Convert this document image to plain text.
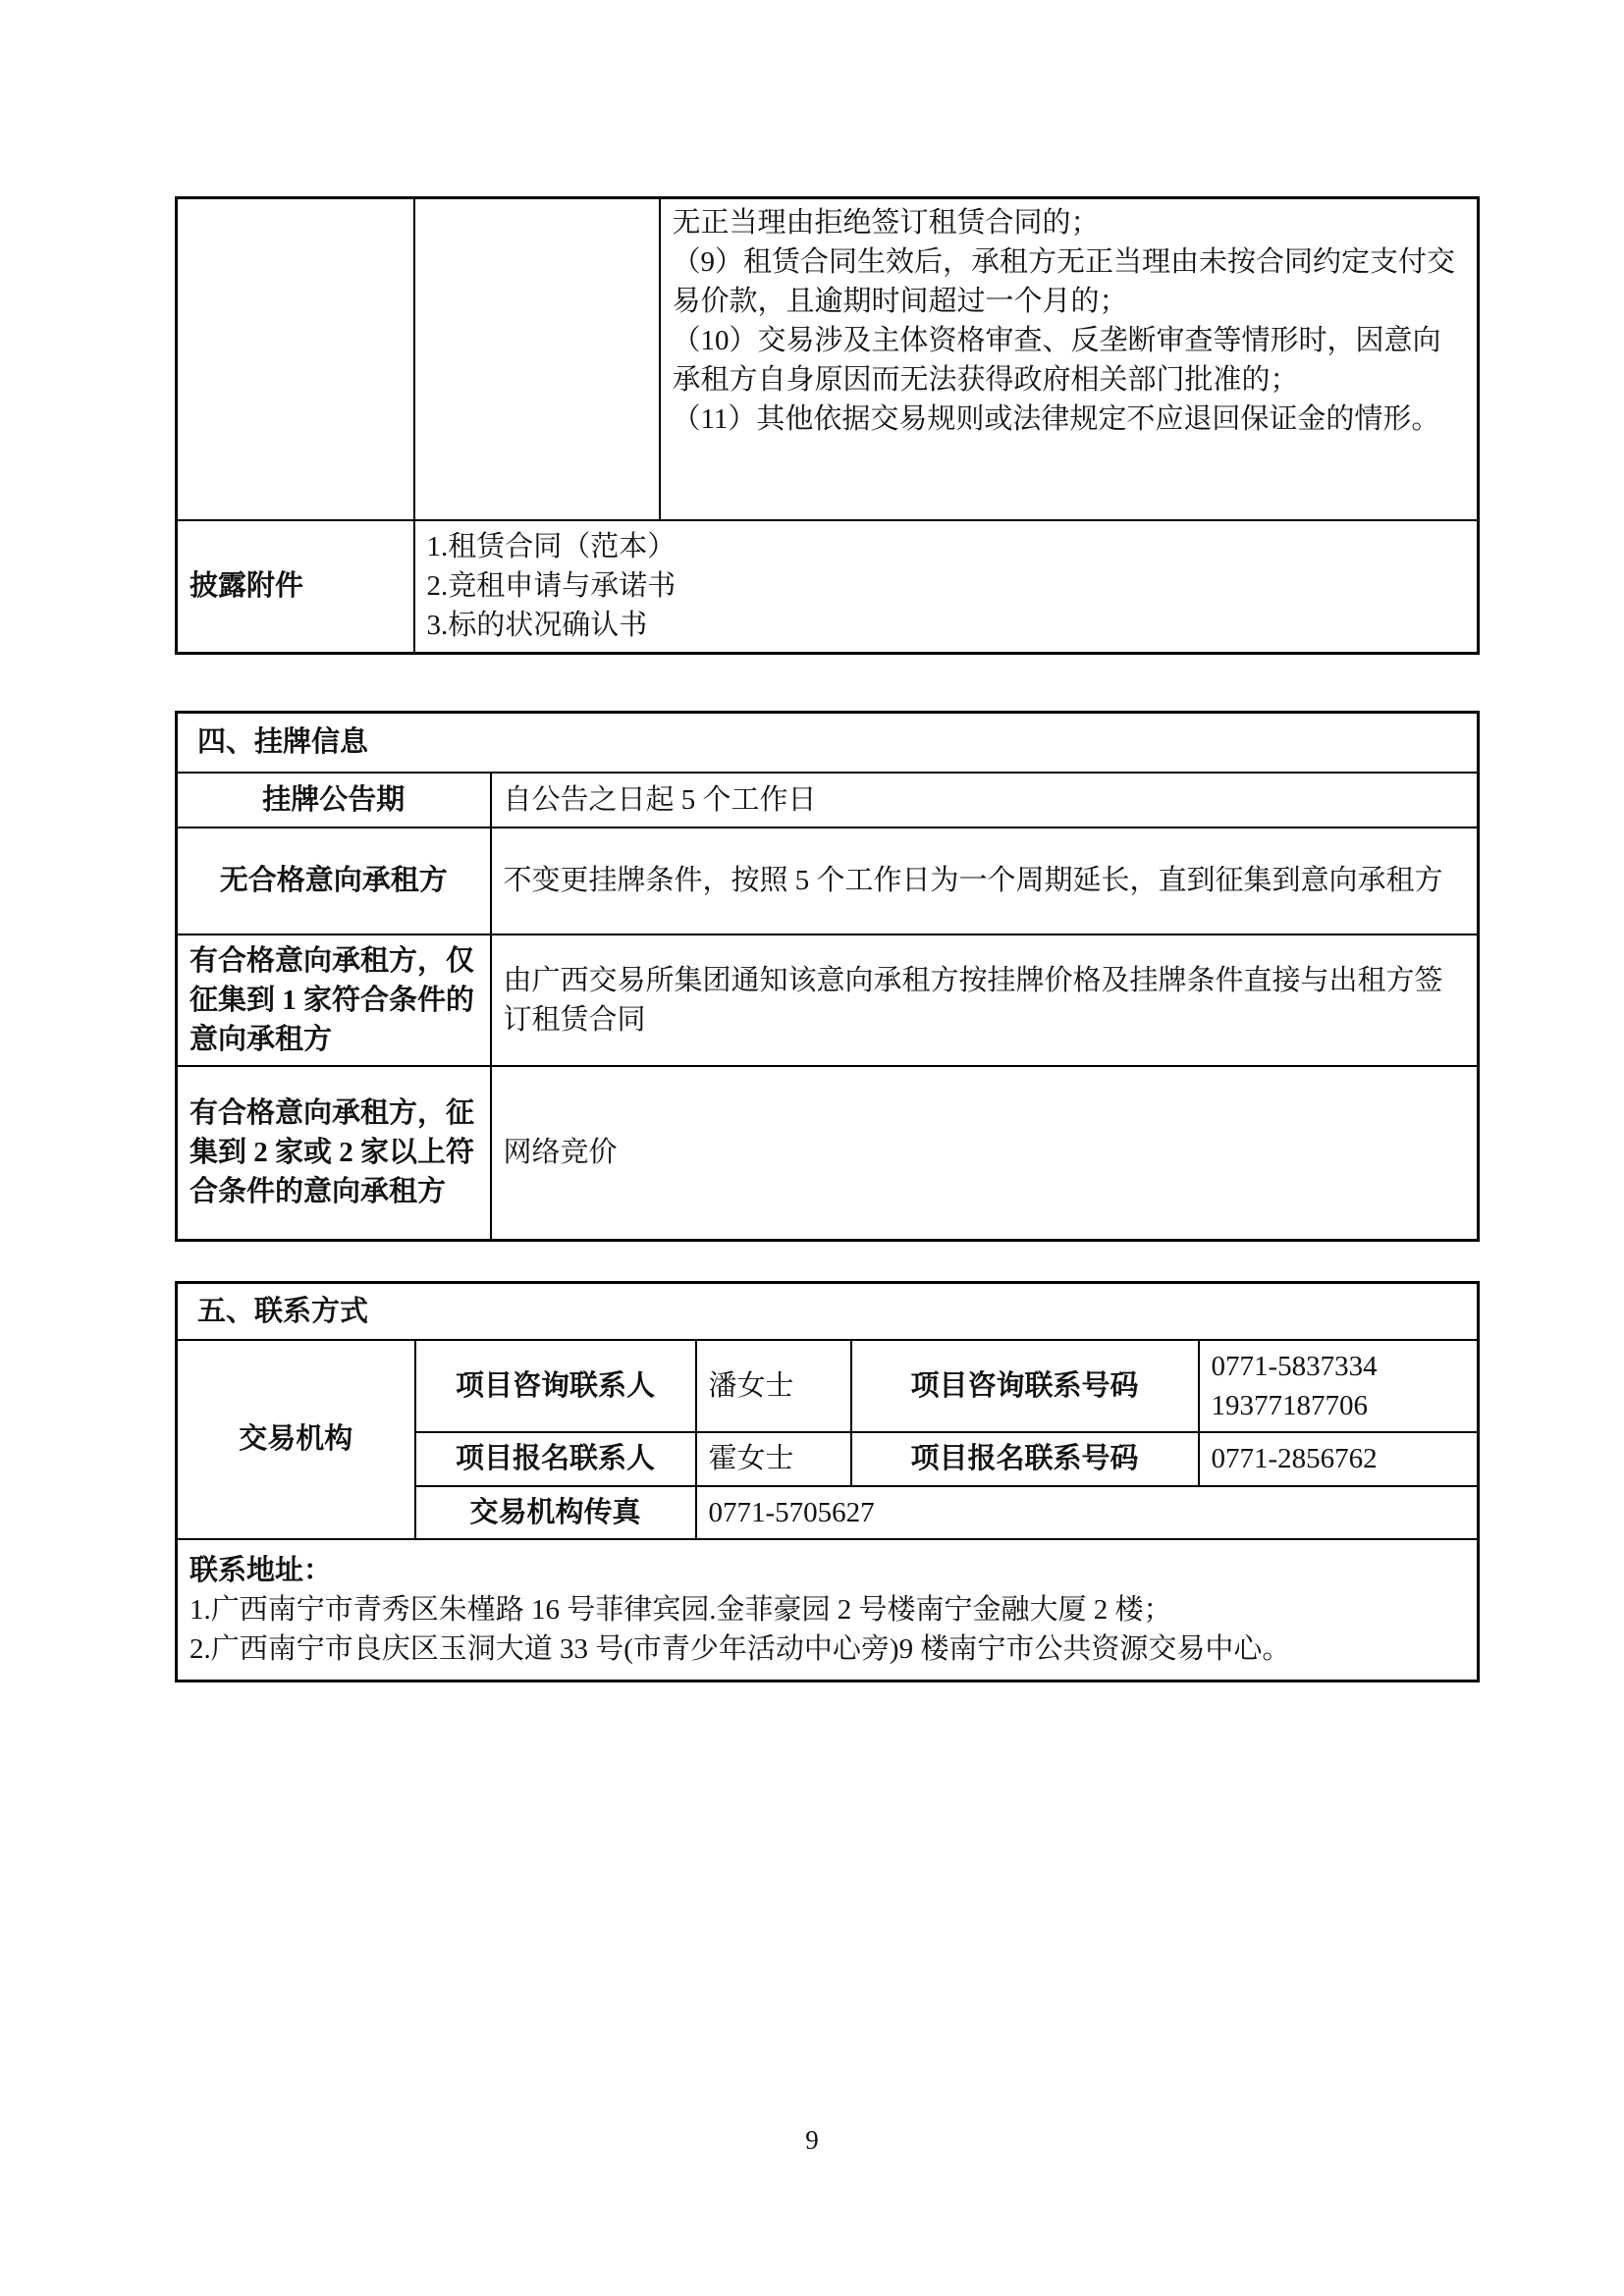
		无正当理由拒绝签订租赁合同的；

（9）租赁合同生效后，承租方无正当理由未按合同约定支付交易价款，且逾期时间超过一个月的；

（10）交易涉及主体资格审查、反垄断审查等情形时，因意向承租方自身原因而无法获得政府相关部门批准的；

（11）其他依据交易规则或法律规定不应退回保证金的情形。

披露附件	1.租赁合同（范本）
2.竞租申请与承诺书
3.标的状况确认书	
四、挂牌信息	
挂牌公告期	自公告之日起 5 个工作日
无合格意向承租方	不变更挂牌条件，按照 5 个工作日为一个周期延长，直到征集到意向承租方
有合格意向承租方，仅征集到 1 家符合条件的意向承租方	由广西交易所集团通知该意向承租方按挂牌价格及挂牌条件直接与出租方签订租赁合同
有合格意向承租方，征集到 2 家或 2 家以上符合条件的意向承租方	网络竞价
五、联系方式				
交易机构	项目咨询联系人	潘女士	项目咨询联系号码	0771-5837334
19377187706

	项目报名联系人	霍女士	项目报名联系号码	0771-2856762
	交易机构传真	0771-5705627		

联系地址：
1.广西南宁市青秀区朱槿路 16 号菲律宾园.金菲豪园 2 号楼南宁金融大厦 2 楼；
2.广西南宁市良庆区玉洞大道 33 号(市青少年活动中心旁)9 楼南宁市公共资源交易中心。				
9
